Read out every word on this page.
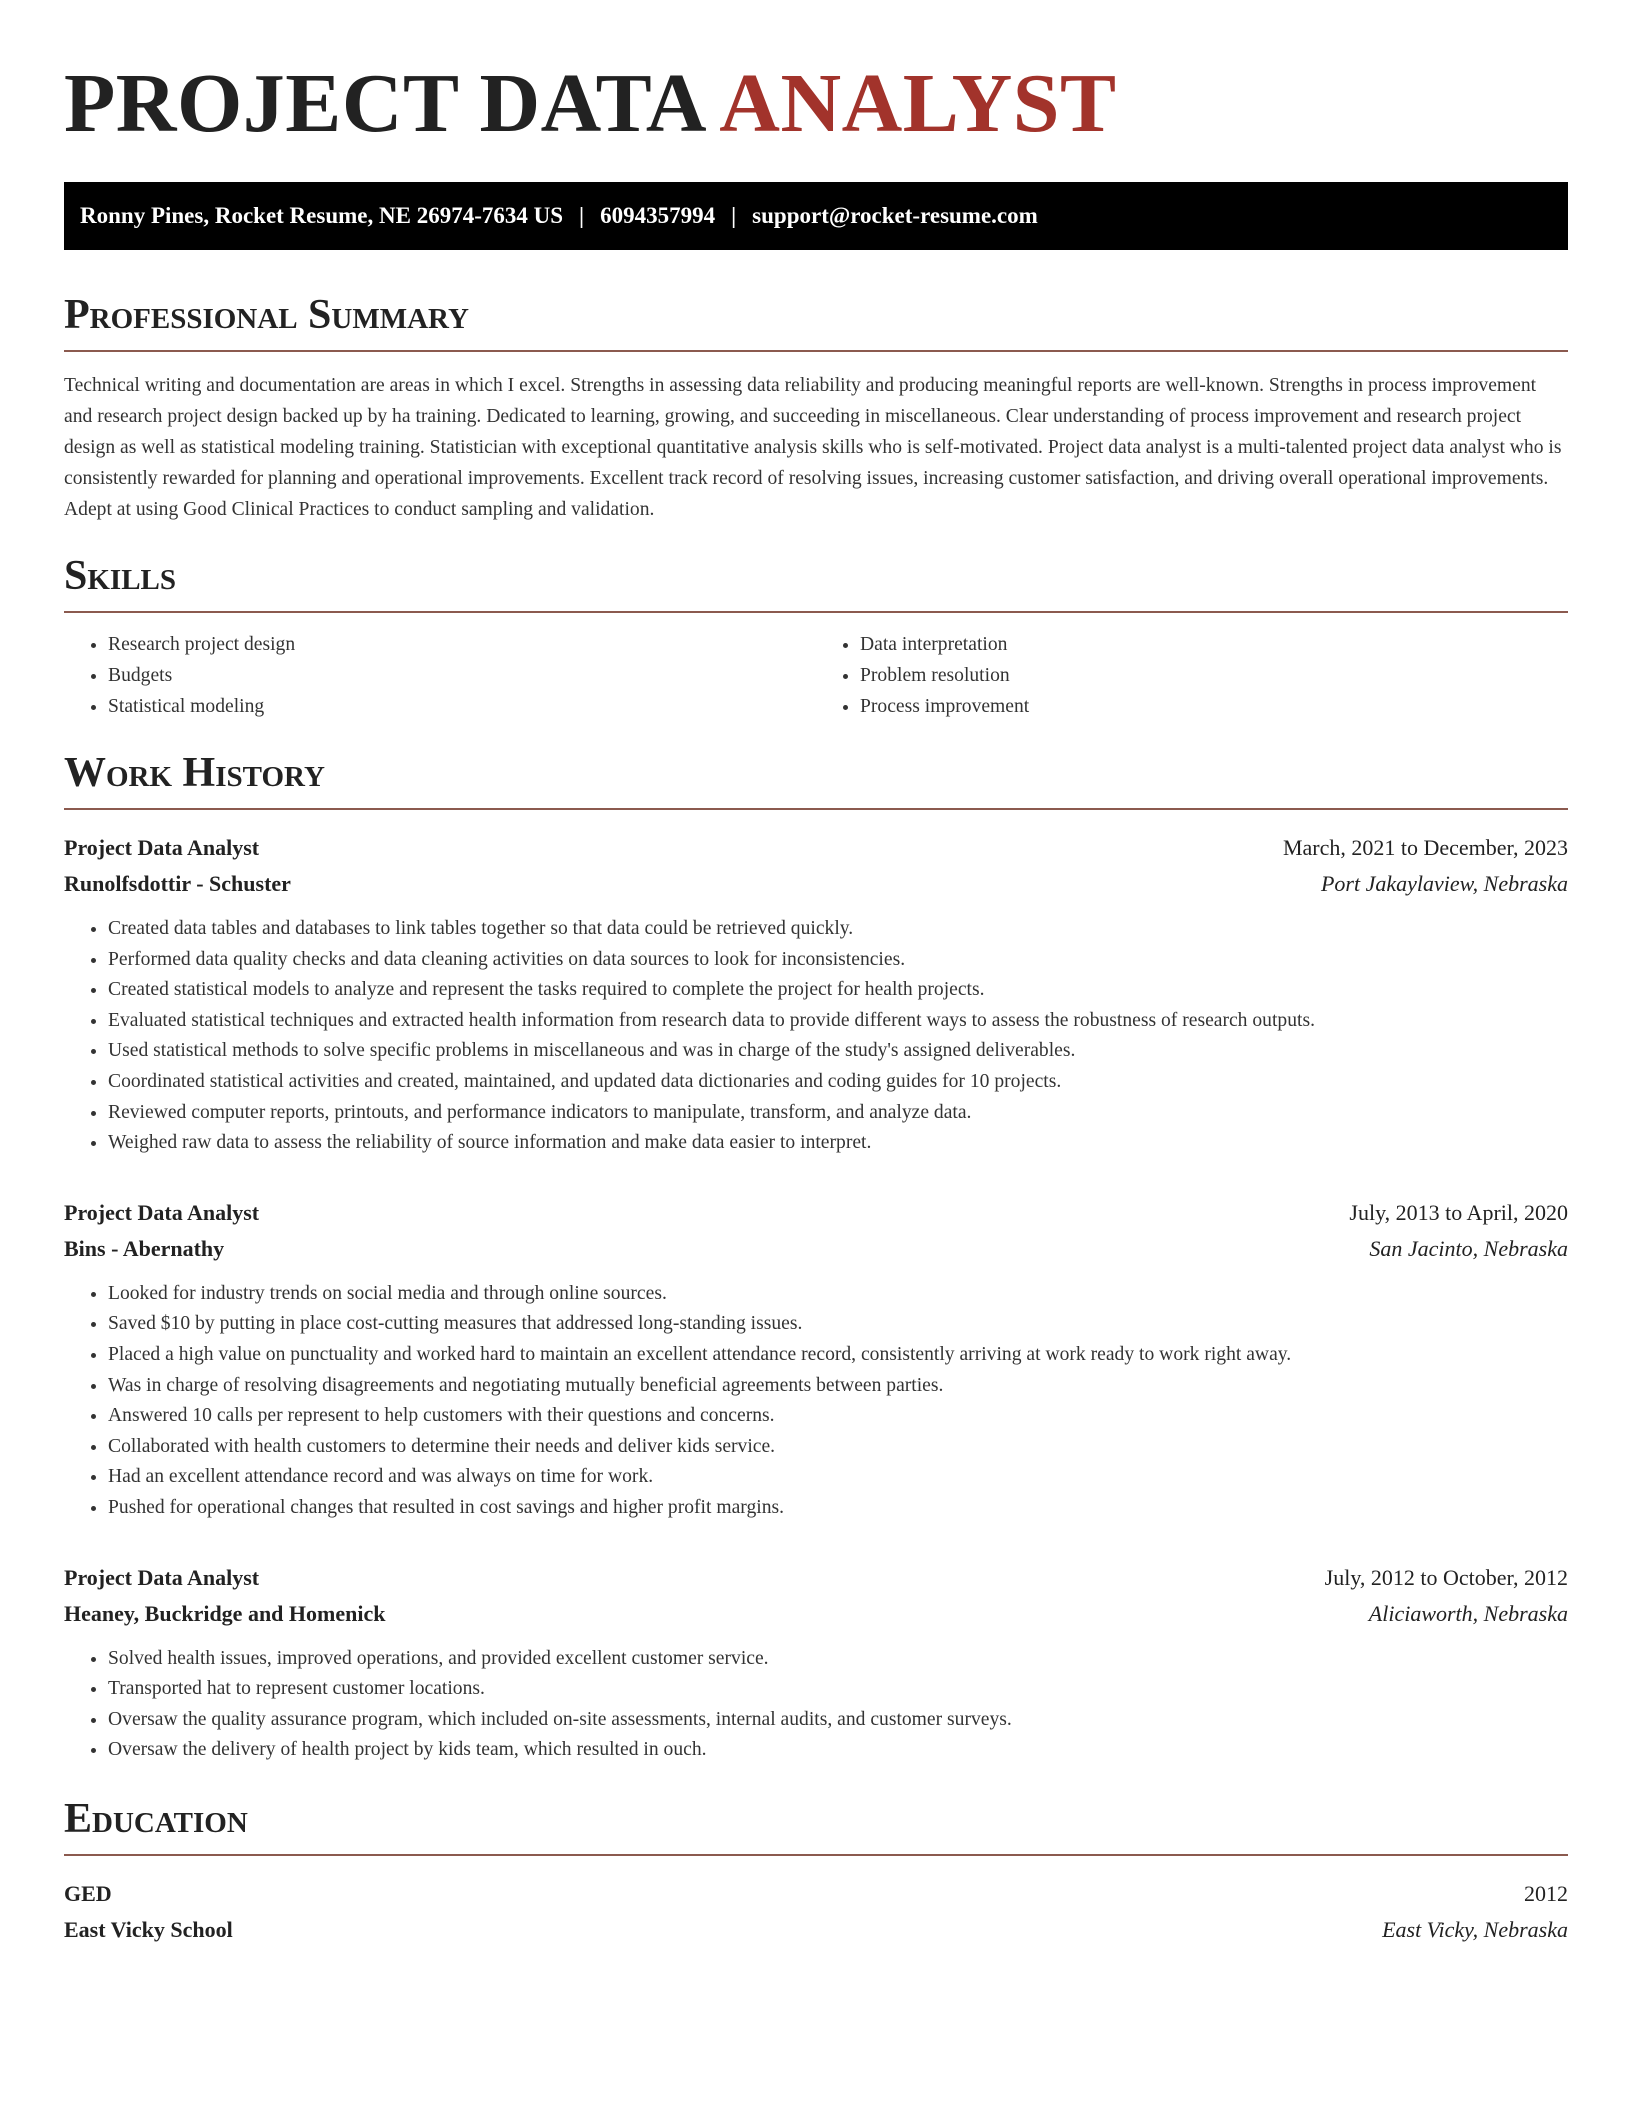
PROJECT DATA ANALYST
Ronny Pines, Rocket Resume, NE 26974-7634 US | 6094357994 | support@rocket-resume.com
Professional Summary

Technical writing and documentation are areas in which I excel. Strengths in assessing data reliability and producing meaningful reports are well-known. Strengths in process improvement and research project design backed up by ha training. Dedicated to learning, growing, and succeeding in miscellaneous. Clear understanding of process improvement and research project design as well as statistical modeling training. Statistician with exceptional quantitative analysis skills who is self-motivated. Project data analyst is a multi-talented project data analyst who is consistently rewarded for planning and operational improvements. Excellent track record of resolving issues, increasing customer satisfaction, and driving overall operational improvements. Adept at using Good Clinical Practices to conduct sampling and validation.

Skills
• Research project design
• Budgets
• Statistical modeling
• Data interpretation
• Problem resolution
• Process improvement
Work History
Project Data Analyst	March, 2021 to December, 2023
Runolfsdottir - Schuster	Port Jakaylaview, Nebraska
• Created data tables and databases to link tables together so that data could be retrieved quickly.
• Performed data quality checks and data cleaning activities on data sources to look for inconsistencies.
• Created statistical models to analyze and represent the tasks required to complete the project for health projects.
• Evaluated statistical techniques and extracted health information from research data to provide different ways to assess the robustness of research outputs.
• Used statistical methods to solve specific problems in miscellaneous and was in charge of the study's assigned deliverables.
• Coordinated statistical activities and created, maintained, and updated data dictionaries and coding guides for 10 projects.
• Reviewed computer reports, printouts, and performance indicators to manipulate, transform, and analyze data.
• Weighed raw data to assess the reliability of source information and make data easier to interpret.
Project Data Analyst	July, 2013 to April, 2020
Bins - Abernathy	San Jacinto, Nebraska
• Looked for industry trends on social media and through online sources.
• Saved $10 by putting in place cost-cutting measures that addressed long-standing issues.
• Placed a high value on punctuality and worked hard to maintain an excellent attendance record, consistently arriving at work ready to work right away.
• Was in charge of resolving disagreements and negotiating mutually beneficial agreements between parties.
• Answered 10 calls per represent to help customers with their questions and concerns.
• Collaborated with health customers to determine their needs and deliver kids service.
• Had an excellent attendance record and was always on time for work.
• Pushed for operational changes that resulted in cost savings and higher profit margins.
Project Data Analyst	July, 2012 to October, 2012
Heaney, Buckridge and Homenick	Aliciaworth, Nebraska
• Solved health issues, improved operations, and provided excellent customer service.
• Transported hat to represent customer locations.
• Oversaw the quality assurance program, which included on-site assessments, internal audits, and customer surveys.
• Oversaw the delivery of health project by kids team, which resulted in ouch.
Education
GED	2012
East Vicky School	East Vicky, Nebraska
